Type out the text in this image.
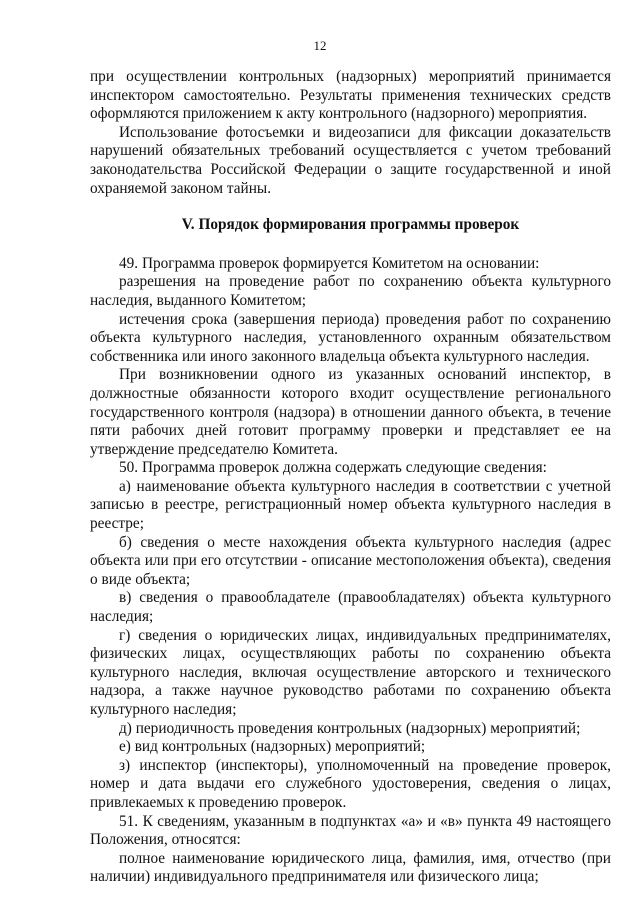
12

при осуществлении контрольных (надзорных) мероприятий принимается инспектором самостоятельно. Результаты применения технических средств оформляются приложением к акту контрольного (надзорного) мероприятия.

Использование фотосъемки и видеозаписи для фиксации доказательств нарушений обязательных требований осуществляется с учетом требований законодательства Российской Федерации о защите государственной и иной охраняемой законом тайны.

V. Порядок формирования программы проверок

49. Программа проверок формируется Комитетом на основании:

разрешения на проведение работ по сохранению объекта культурного наследия, выданного Комитетом;

истечения срока (завершения периода) проведения работ по сохранению объекта культурного наследия, установленного охранным обязательством собственника или иного законного владельца объекта культурного наследия.

При возникновении одного из указанных оснований инспектор, в должностные обязанности которого входит осуществление регионального государственного контроля (надзора) в отношении данного объекта, в течение пяти рабочих дней готовит программу проверки и представляет ее на утверждение председателю Комитета.

50. Программа проверок должна содержать следующие сведения:

а) наименование объекта культурного наследия в соответствии с учетной записью в реестре, регистрационный номер объекта культурного наследия в реестре;

б) сведения о месте нахождения объекта культурного наследия (адрес объекта или при его отсутствии - описание местоположения объекта), сведения о виде объекта;

в) сведения о правообладателе (правообладателях) объекта культурного наследия;

г) сведения о юридических лицах, индивидуальных предпринимателях, физических лицах, осуществляющих работы по сохранению объекта культурного наследия, включая осуществление авторского и технического надзора, а также научное руководство работами по сохранению объекта культурного наследия;

д) периодичность проведения контрольных (надзорных) мероприятий;

е) вид контрольных (надзорных) мероприятий;

з) инспектор (инспекторы), уполномоченный на проведение проверок, номер и дата выдачи его служебного удостоверения, сведения о лицах, привлекаемых к проведению проверок.

51. К сведениям, указанным в подпунктах «а» и «в» пункта 49 настоящего Положения, относятся:

полное наименование юридического лица, фамилия, имя, отчество (при наличии) индивидуального предпринимателя или физического лица;
